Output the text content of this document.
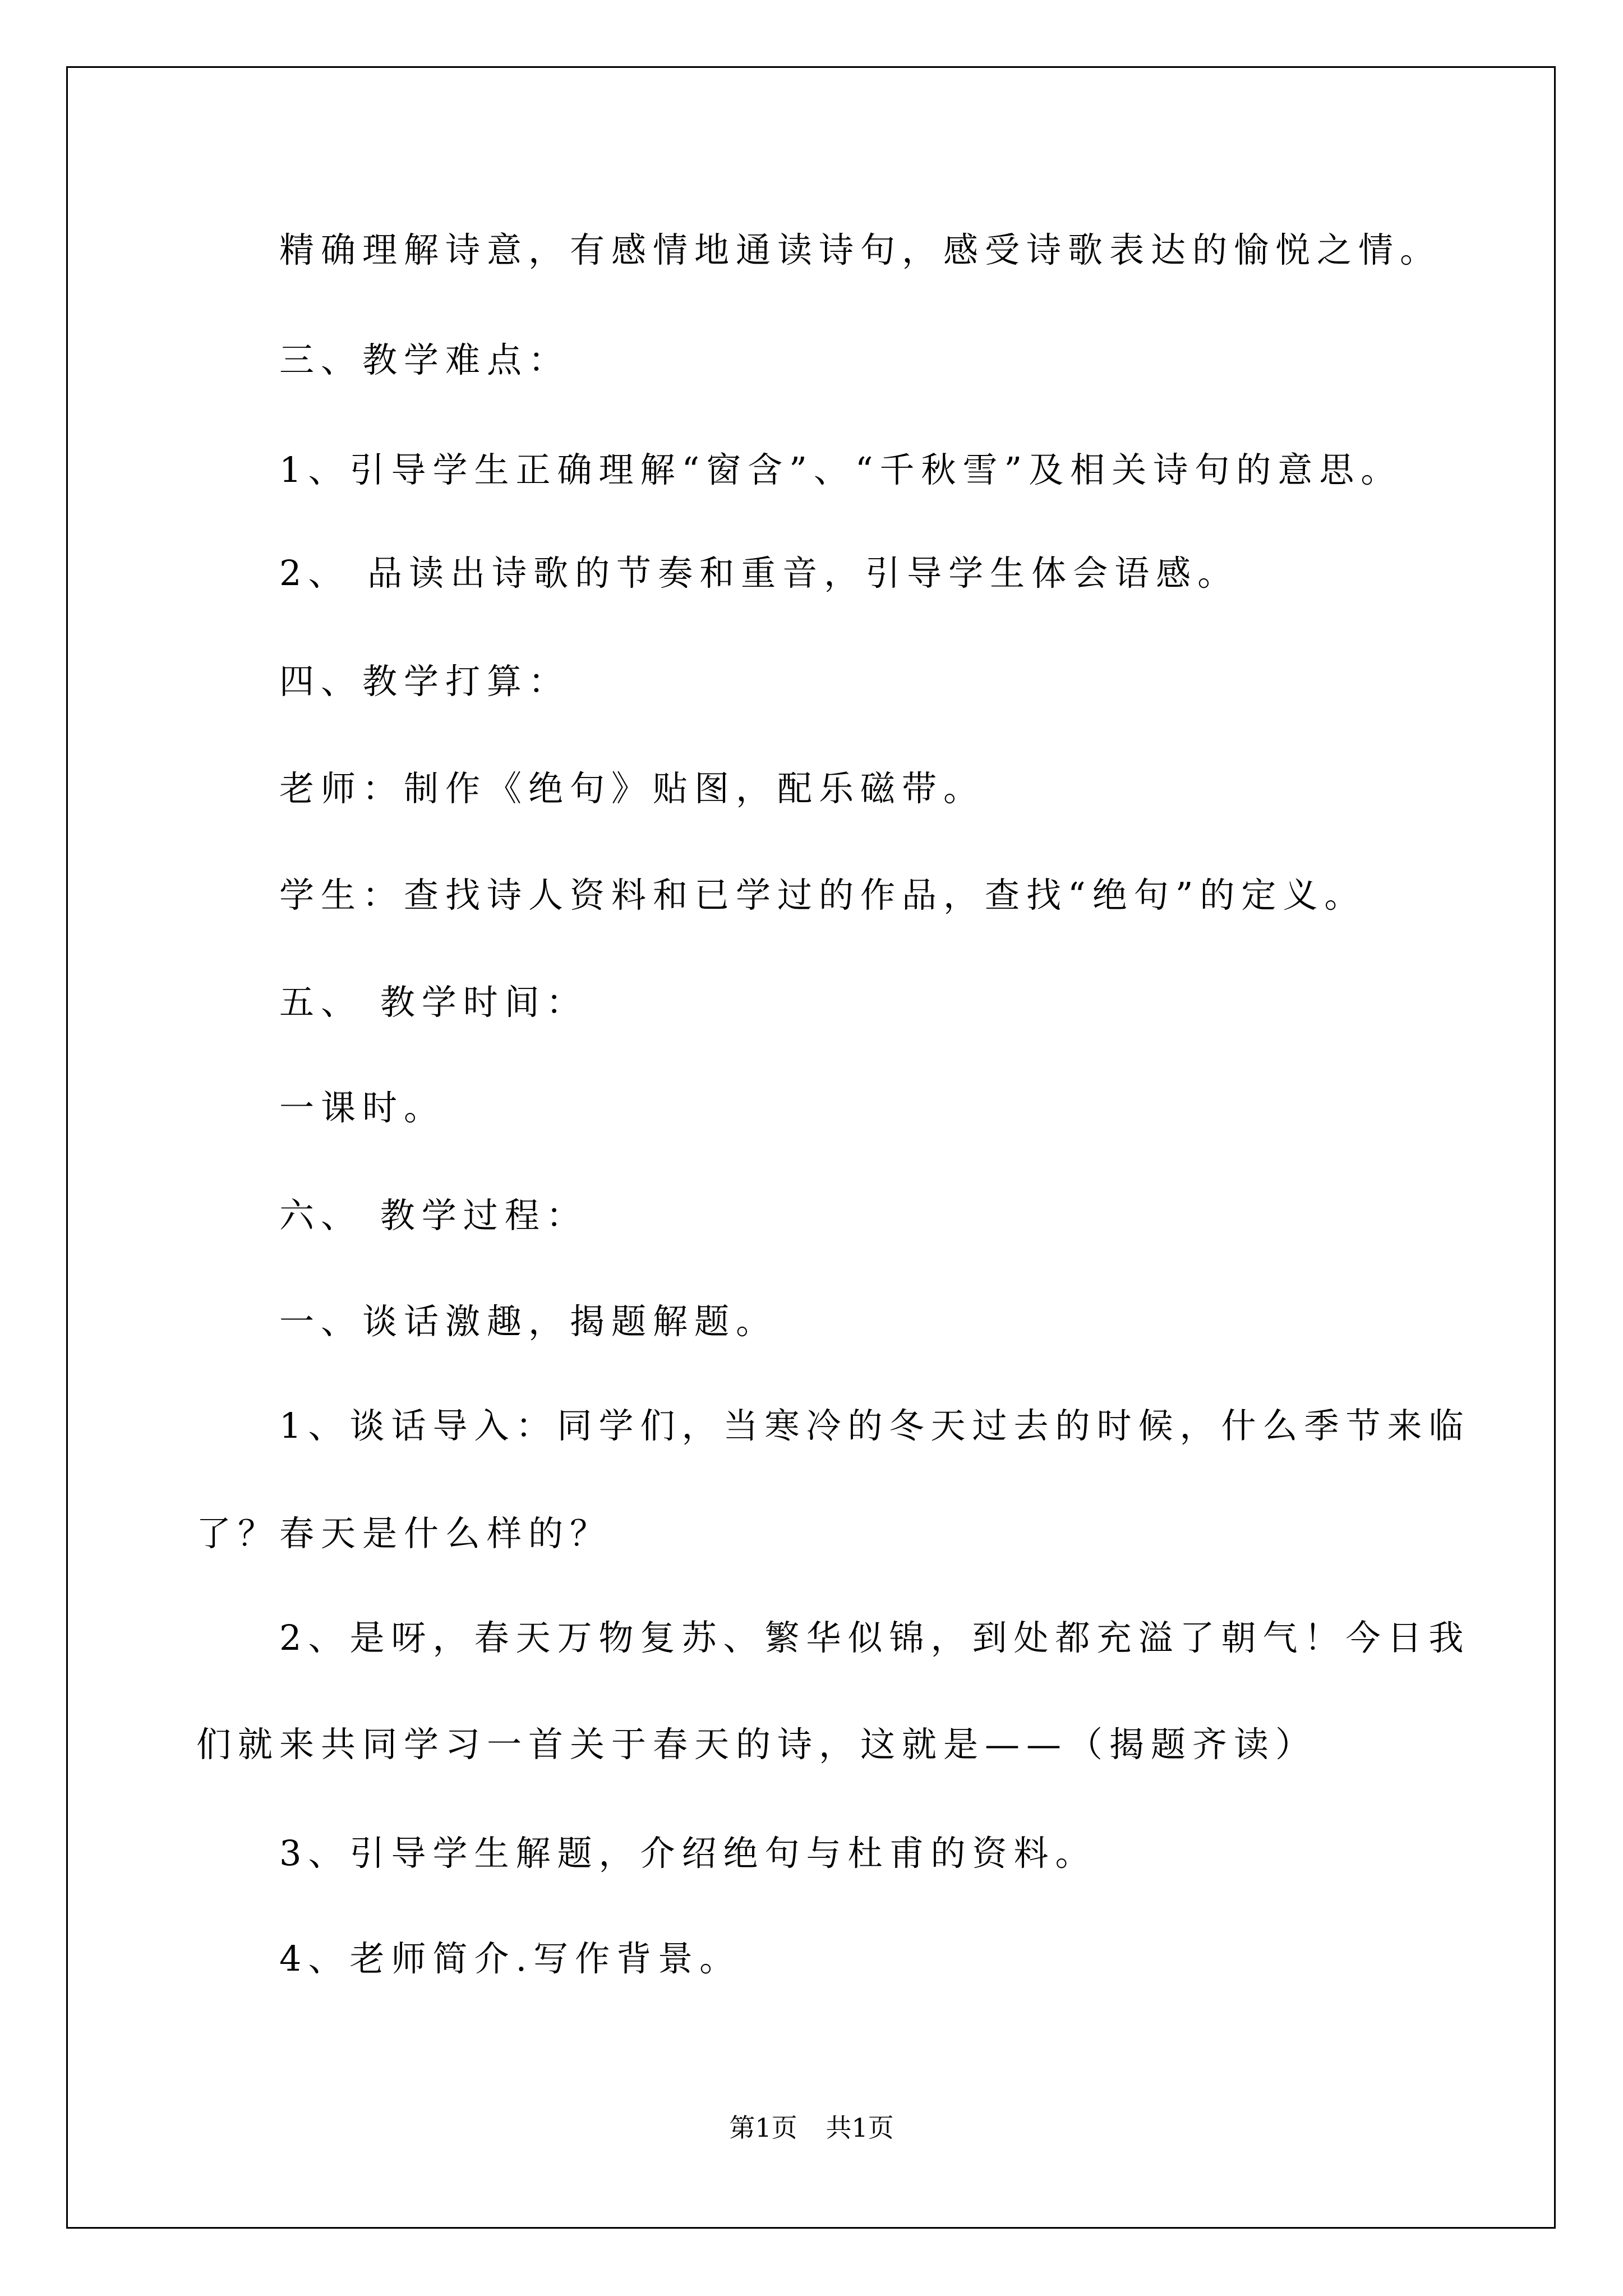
精确理解诗意，有感情地通读诗句，感受诗歌表达的愉悦之情。
三、教学难点：
1、引导学生正确理解“窗含”、“千秋雪”及相关诗句的意思。
2、 品读出诗歌的节奏和重音，引导学生体会语感。
四、教学打算：
老师：制作《绝句》贴图，配乐磁带。
学生：查找诗人资料和已学过的作品，查找“绝句”的定义。
五、 教学时间：
一课时。
六、 教学过程：
一、谈话激趣，揭题解题。
1、谈话导入：同学们，当寒冷的冬天过去的时候，什么季节来临
了？春天是什么样的？
2、是呀，春天万物复苏、繁华似锦，到处都充溢了朝气！今日我
们就来共同学习一首关于春天的诗，这就是——（揭题齐读）
3、引导学生解题，介绍绝句与杜甫的资料。
4、老师简介.写作背景。
第1页 共1页
